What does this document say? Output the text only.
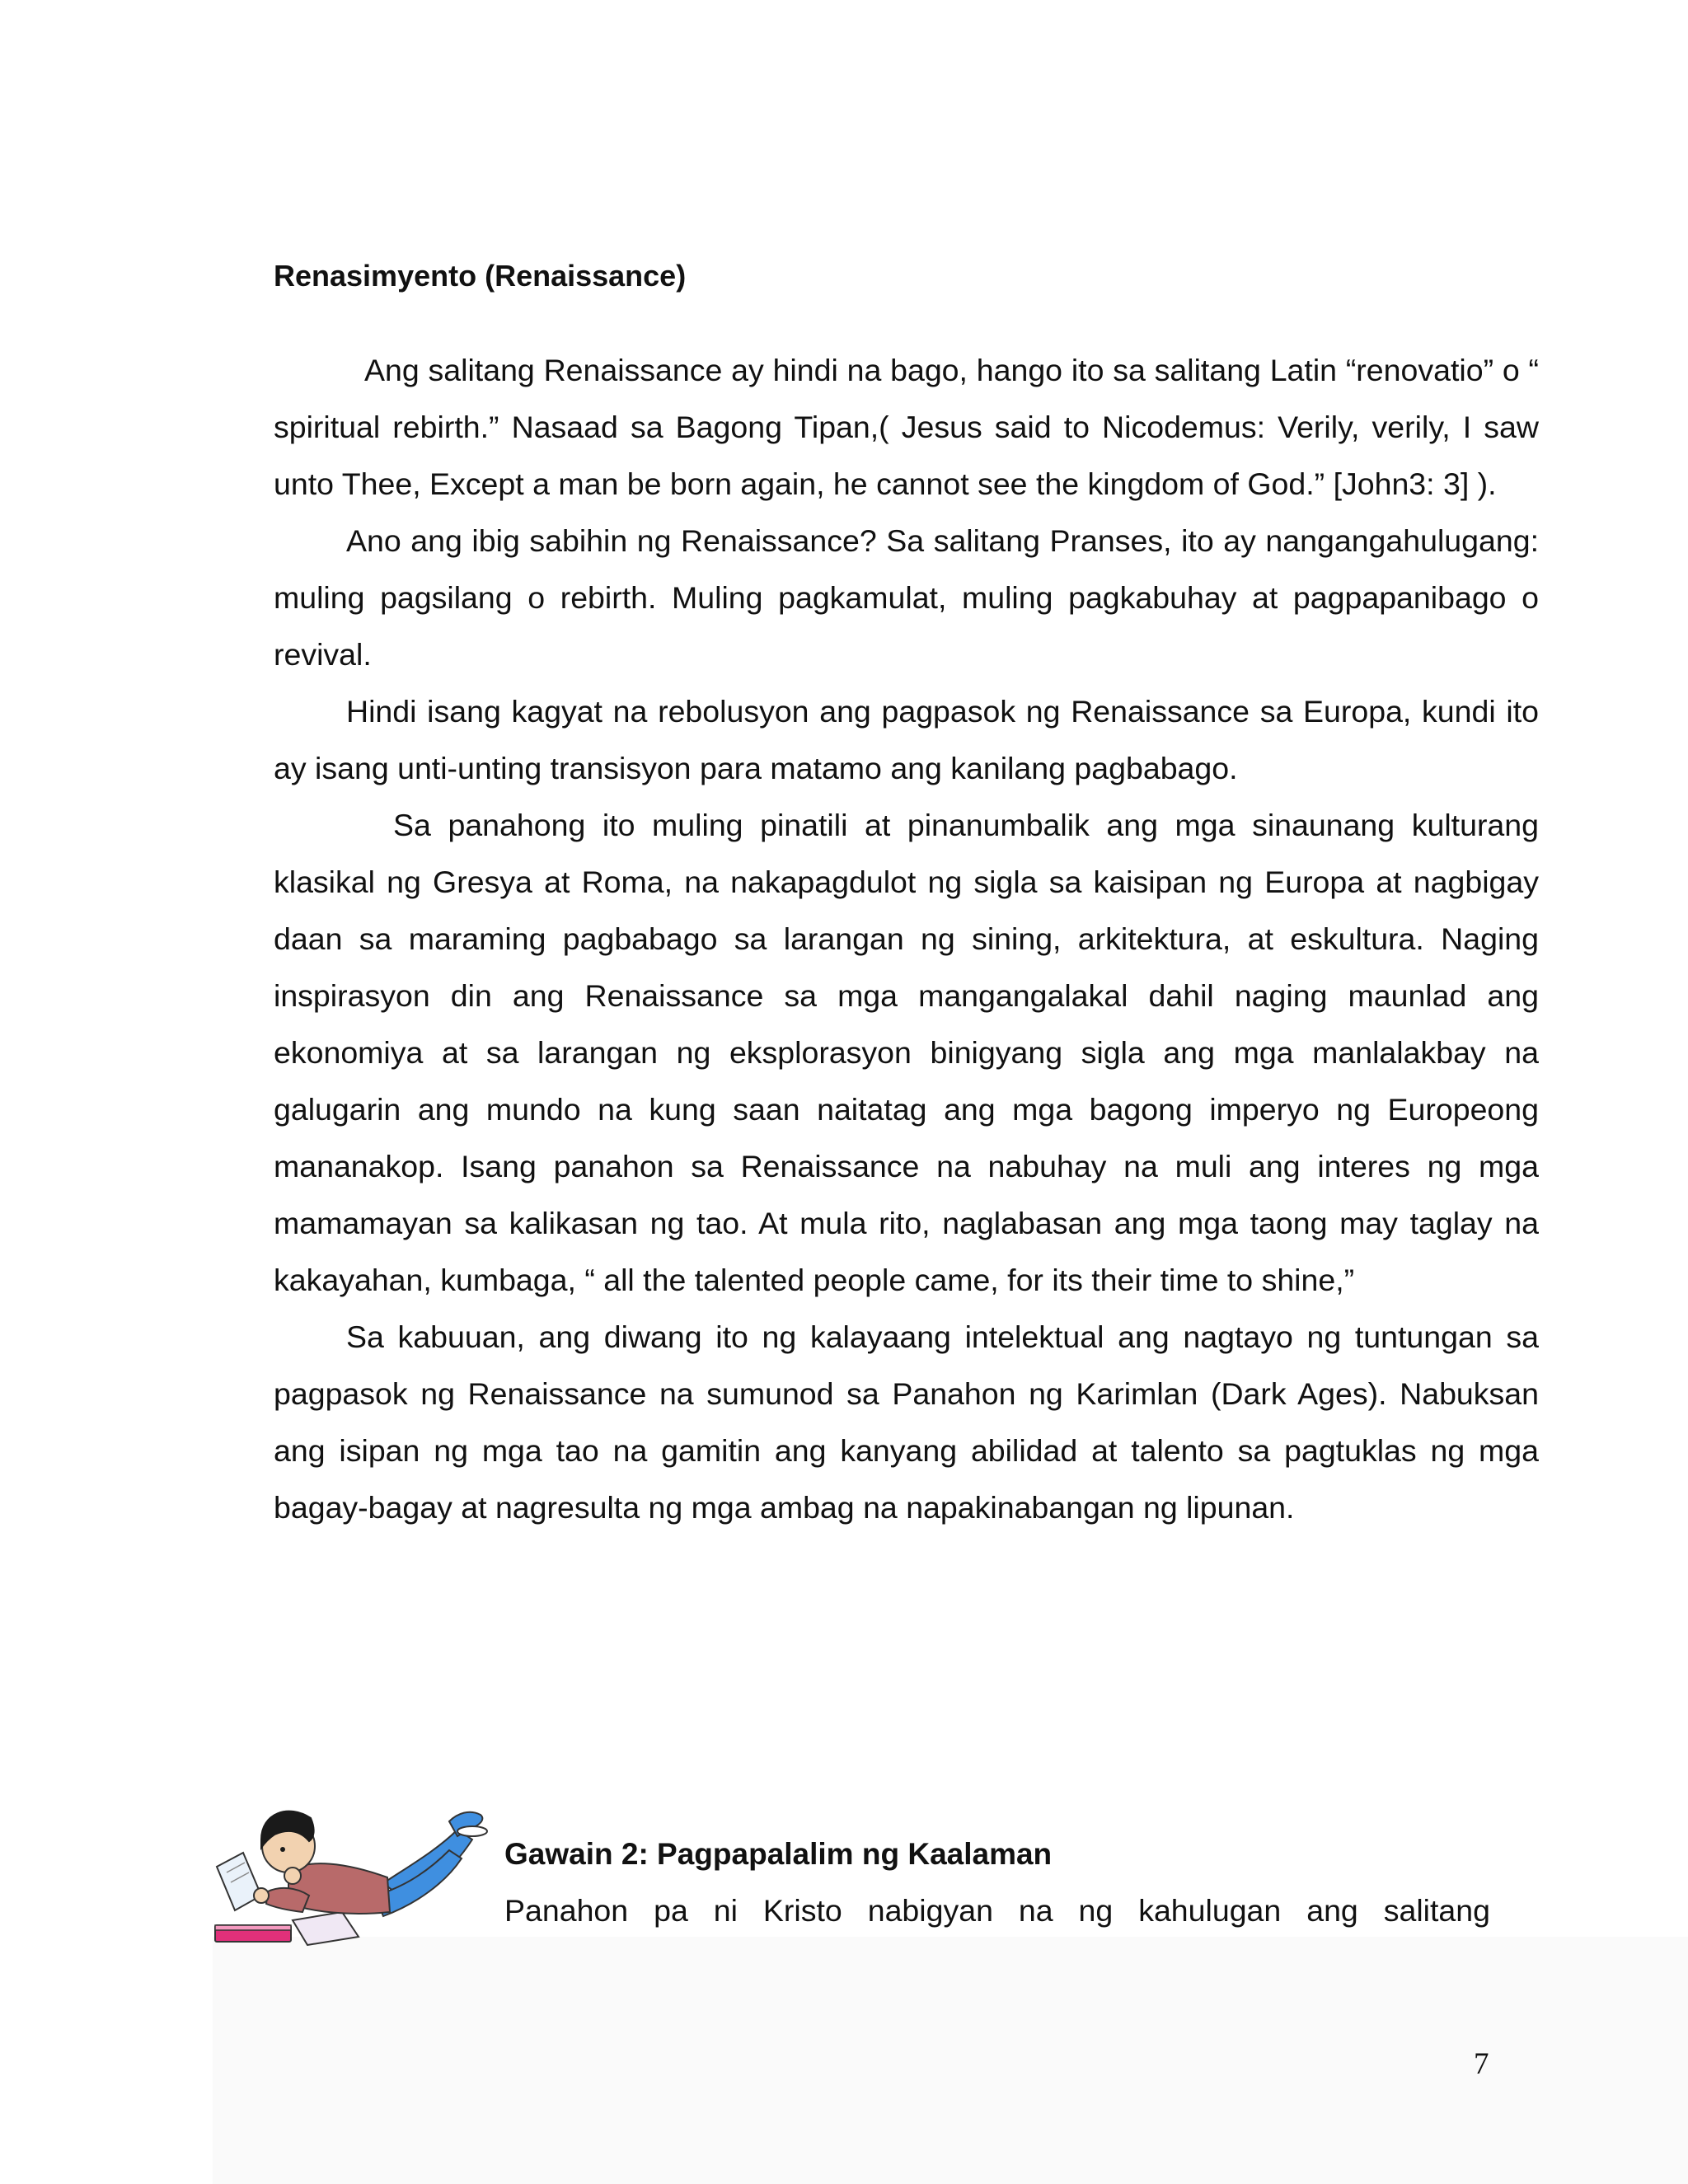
Renasimyento (Renaissance)

Ang salitang Renaissance ay hindi na bago, hango ito sa salitang Latin “renovatio” o “ spiritual rebirth.” Nasaad sa Bagong Tipan,( Jesus said to Nicodemus: Verily, verily, I saw unto Thee, Except a man be born again, he cannot see the kingdom of God.” [John3: 3] ).

Ano ang ibig sabihin ng Renaissance? Sa salitang Pranses, ito ay nangangahulugang: muling pagsilang o rebirth. Muling pagkamulat, muling pagkabuhay at pagpapanibago o revival.

Hindi isang kagyat na rebolusyon ang pagpasok ng Renaissance sa Europa, kundi ito ay isang unti-unting transisyon para matamo ang kanilang pagbabago.

Sa panahong ito muling pinatili at pinanumbalik ang mga sinaunang kulturang klasikal ng Gresya at Roma, na nakapagdulot ng sigla sa kaisipan ng Europa at nagbigay daan sa maraming pagbabago sa larangan ng sining, arkitektura, at eskultura. Naging inspirasyon din ang Renaissance sa mga mangangalakal dahil naging maunlad ang ekonomiya at sa larangan ng eksplorasyon binigyang sigla ang mga manlalakbay na galugarin ang mundo na kung saan naitatag ang mga bagong imperyo ng Europeong mananakop. Isang panahon sa Renaissance na nabuhay na muli ang interes ng mga mamamayan sa kalikasan ng tao. At mula rito, naglabasan ang mga taong may taglay na kakayahan, kumbaga, “ all the talented people came, for its their time to shine,”

Sa kabuuan, ang diwang ito ng kalayaang intelektual ang nagtayo ng tuntungan sa pagpasok ng Renaissance na sumunod sa Panahon ng Karimlan (Dark Ages). Nabuksan ang isipan ng mga tao na gamitin ang kanyang abilidad at talento sa pagtuklas ng mga bagay-bagay at nagresulta ng mga ambag na napakinabangan ng lipunan.

Gawain 2: Pagpapalalim ng Kaalaman

Panahon pa ni Kristo nabigyan na ng kahulugan ang salitang

7
